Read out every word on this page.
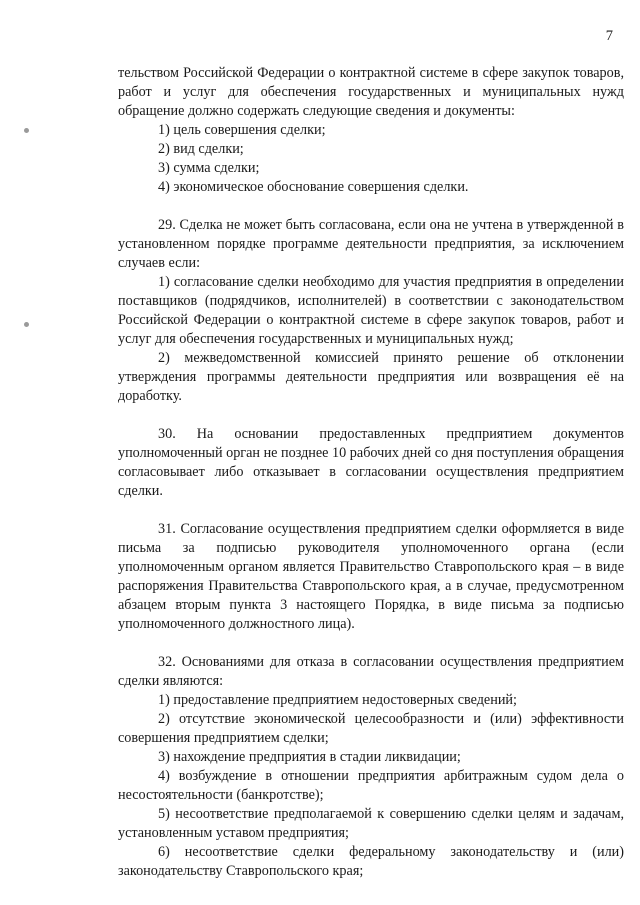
7

тельством Российской Федерации о контрактной системе в сфере закупок товаров, работ и услуг для обеспечения государственных и муниципальных нужд обращение должно содержать следующие сведения и документы:

1) цель совершения сделки;

2) вид сделки;

3) сумма сделки;

4) экономическое обоснование совершения сделки.

29. Сделка не может быть согласована, если она не учтена в утвержденной в установленном порядке программе деятельности предприятия, за исключением случаев если:

1) согласование сделки необходимо для участия предприятия в определении поставщиков (подрядчиков, исполнителей) в соответствии с законодательством Российской Федерации о контрактной системе в сфере закупок товаров, работ и услуг для обеспечения государственных и муниципальных нужд;

2) межведомственной комиссией принято решение об отклонении утверждения программы деятельности предприятия или возвращения её на доработку.

30. На основании предоставленных предприятием документов уполномоченный орган не позднее 10 рабочих дней со дня поступления обращения согласовывает либо отказывает в согласовании осуществления предприятием сделки.

31. Согласование осуществления предприятием сделки оформляется в виде письма за подписью руководителя уполномоченного органа (если уполномоченным органом является Правительство Ставропольского края – в виде распоряжения Правительства Ставропольского края, а в случае, предусмотренном абзацем вторым пункта 3 настоящего Порядка, в виде письма за подписью уполномоченного должностного лица).

32. Основаниями для отказа в согласовании осуществления предприятием сделки являются:

1) предоставление предприятием недостоверных сведений;

2) отсутствие экономической целесообразности и (или) эффективности совершения предприятием сделки;

3) нахождение предприятия в стадии ликвидации;

4) возбуждение в отношении предприятия арбитражным судом дела о несостоятельности (банкротстве);

5) несоответствие предполагаемой к совершению сделки целям и задачам, установленным уставом предприятия;

6) несоответствие сделки федеральному законодательству и (или) законодательству Ставропольского края;
